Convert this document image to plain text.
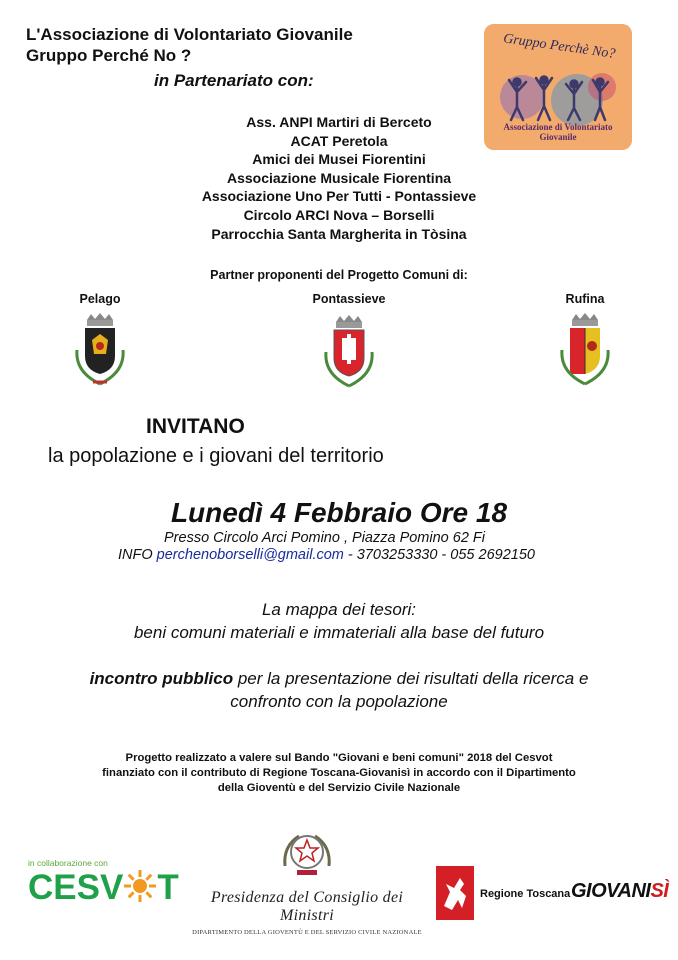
L'Associazione di Volontariato Giovanile
Gruppo Perché No ?
in Partenariato con:
Gruppo Perchè No?
Associazione di Volontariato Giovanile
Ass. ANPI Martiri di Berceto
ACAT Peretola
Amici dei Musei Fiorentini
Associazione Musicale Fiorentina
Associazione Uno Per Tutti - Pontassieve
Circolo ARCI Nova – Borselli
Parrocchia Santa Margherita in Tòsina
Partner proponenti del Progetto Comuni di:
Pelago	Pontassieve	Rufina
INVITANO
la popolazione e i giovani del territorio
Lunedì 4 Febbraio Ore 18
Presso Circolo Arci Pomino , Piazza Pomino 62 Fi
INFO perchenoborselli@gmail.com - 3703253330 - 055 2692150
La mappa dei tesori:
beni comuni materiali e immateriali alla base del futuro
incontro pubblico per la presentazione dei risultati della ricerca e
confronto con la popolazione
Progetto realizzato a valere sul Bando "Giovani e beni comuni" 2018 del Cesvot
finanziato con il contributo di Regione Toscana-Giovanisì in accordo con il Dipartimento
della Gioventù e del Servizio Civile Nazionale
in collaborazione con
CESV T	Presidenza del Consiglio dei Ministri
DIPARTIMENTO DELLA GIOVENTÙ E DEL SERVIZIO CIVILE NAZIONALE
Regione Toscana GIOVANISÌ
